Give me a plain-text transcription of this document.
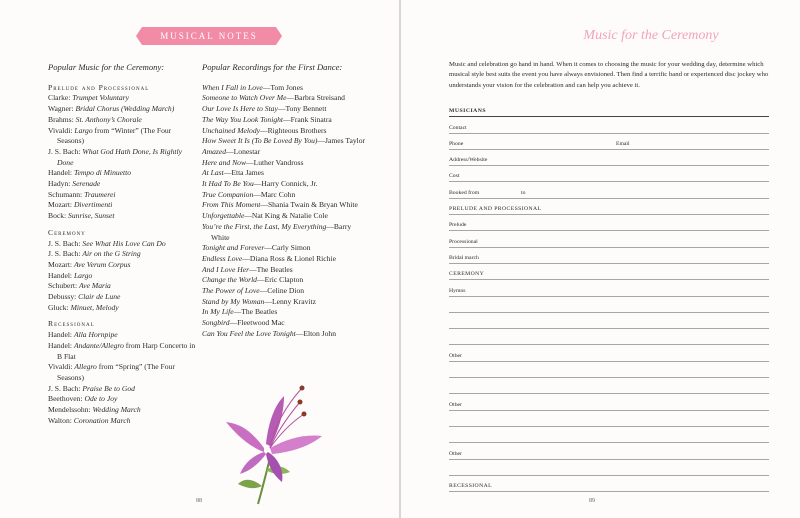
MUSICAL NOTES
Popular Music for the Ceremony:
Prelude and Processional
Clarke: Trumpet Voluntary
Wagner: Bridal Chorus (Wedding March)
Brahms: St. Anthony’s Chorale
Vivaldi: Largo from “Winter” (The Four Seasons)
J. S. Bach: What God Hath Done, Is Rightly Done
Handel: Tempo di Minuetto
Hadyn: Serenade
Schumann: Traumerei
Mozart: Divertimenti
Bock: Sunrise, Sunset
Ceremony
J. S. Bach: See What His Love Can Do
J. S. Bach: Air on the G String
Mozart: Ave Verum Corpus
Handel: Largo
Schubert: Ave Maria
Debussy: Clair de Lune
Gluck: Minuet, Melody
Recessional
Handel: Alla Hornpipe
Handel: Andante/Allegro from Harp Concerto in B Flat
Vivaldi: Allegro from “Spring” (The Four Seasons)
J. S. Bach: Praise Be to God
Beethoven: Ode to Joy
Mendelssohn: Wedding March
Walton: Coronation March
Popular Recordings for the First Dance:
When I Fall in Love—Tom Jones
Someone to Watch Over Me—Barbra Streisand
Our Love Is Here to Stay—Tony Bennett
The Way You Look Tonight—Frank Sinatra
Unchained Melody—Righteous Brothers
How Sweet It Is (To Be Loved By You)—James Taylor
Amazed—Lonestar
Here and Now—Luther Vandross
At Last—Etta James
It Had To Be You—Harry Connick, Jr.
True Companion—Marc Cohn
From This Moment—Shania Twain & Bryan White
Unforgettable—Nat King & Natalie Cole
You’re the First, the Last, My Everything—Barry White
Tonight and Forever—Carly Simon
Endless Love—Diana Ross & Lionel Richie
And I Love Her—The Beatles
Change the World—Eric Clapton
The Power of Love—Celine Dion
Stand by My Woman—Lenny Kravitz
In My Life—The Beatles
Songbird—Fleetwood Mac
Can You Feel the Love Tonight—Elton John
88
Music for the Ceremony
Music and celebration go hand in hand. When it comes to choosing the music for your wedding day, determine which musical style best suits the event you have always envisioned. Then find a terrific band or experienced disc jockey who understands your vision for the celebration and can help you achieve it.
MUSICIANS
Contact
Phone	Email
Address/Website
Cost
Booked from	to
PRELUDE AND PROCESSIONAL
Prelude
Processional
Bridal march
CEREMONY
Hymns
Other
Other
Other
RECESSIONAL
89
